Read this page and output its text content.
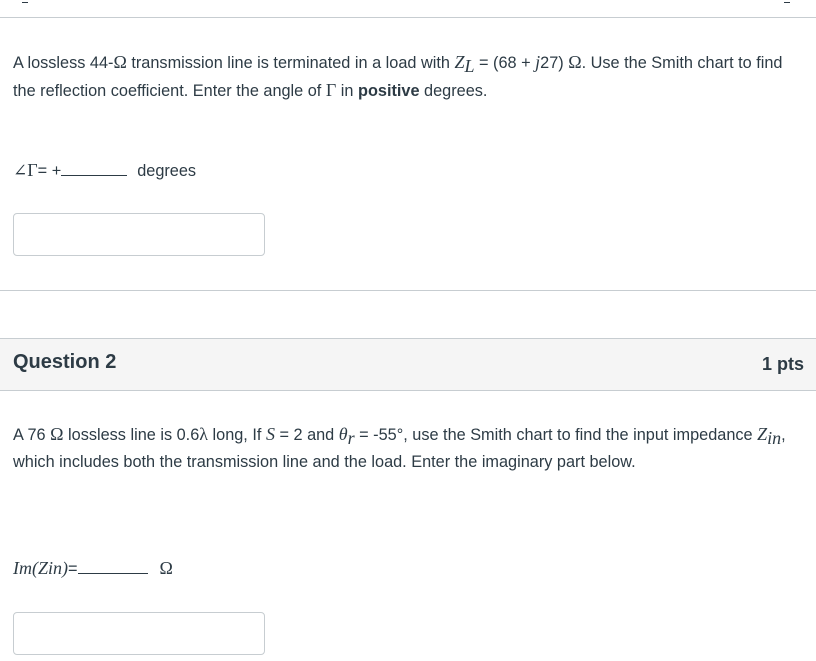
A lossless 44-Ω transmission line is terminated in a load with $Z_L = (68 + j27)$ Ω. Use the Smith chart to find the reflection coefficient. Enter the angle of Γ in positive degrees.
∠ Γ = +	degrees
Question 2	1 pts
A 76 Ω lossless line is 0.6λ long, If S = 2 and $\theta_r = -55^\circ$, use the Smith chart to find the input impedance $Z_{in}$, which includes both the transmission line and the load. Enter the imaginary part below.
Im(Z in ) =	Ω
